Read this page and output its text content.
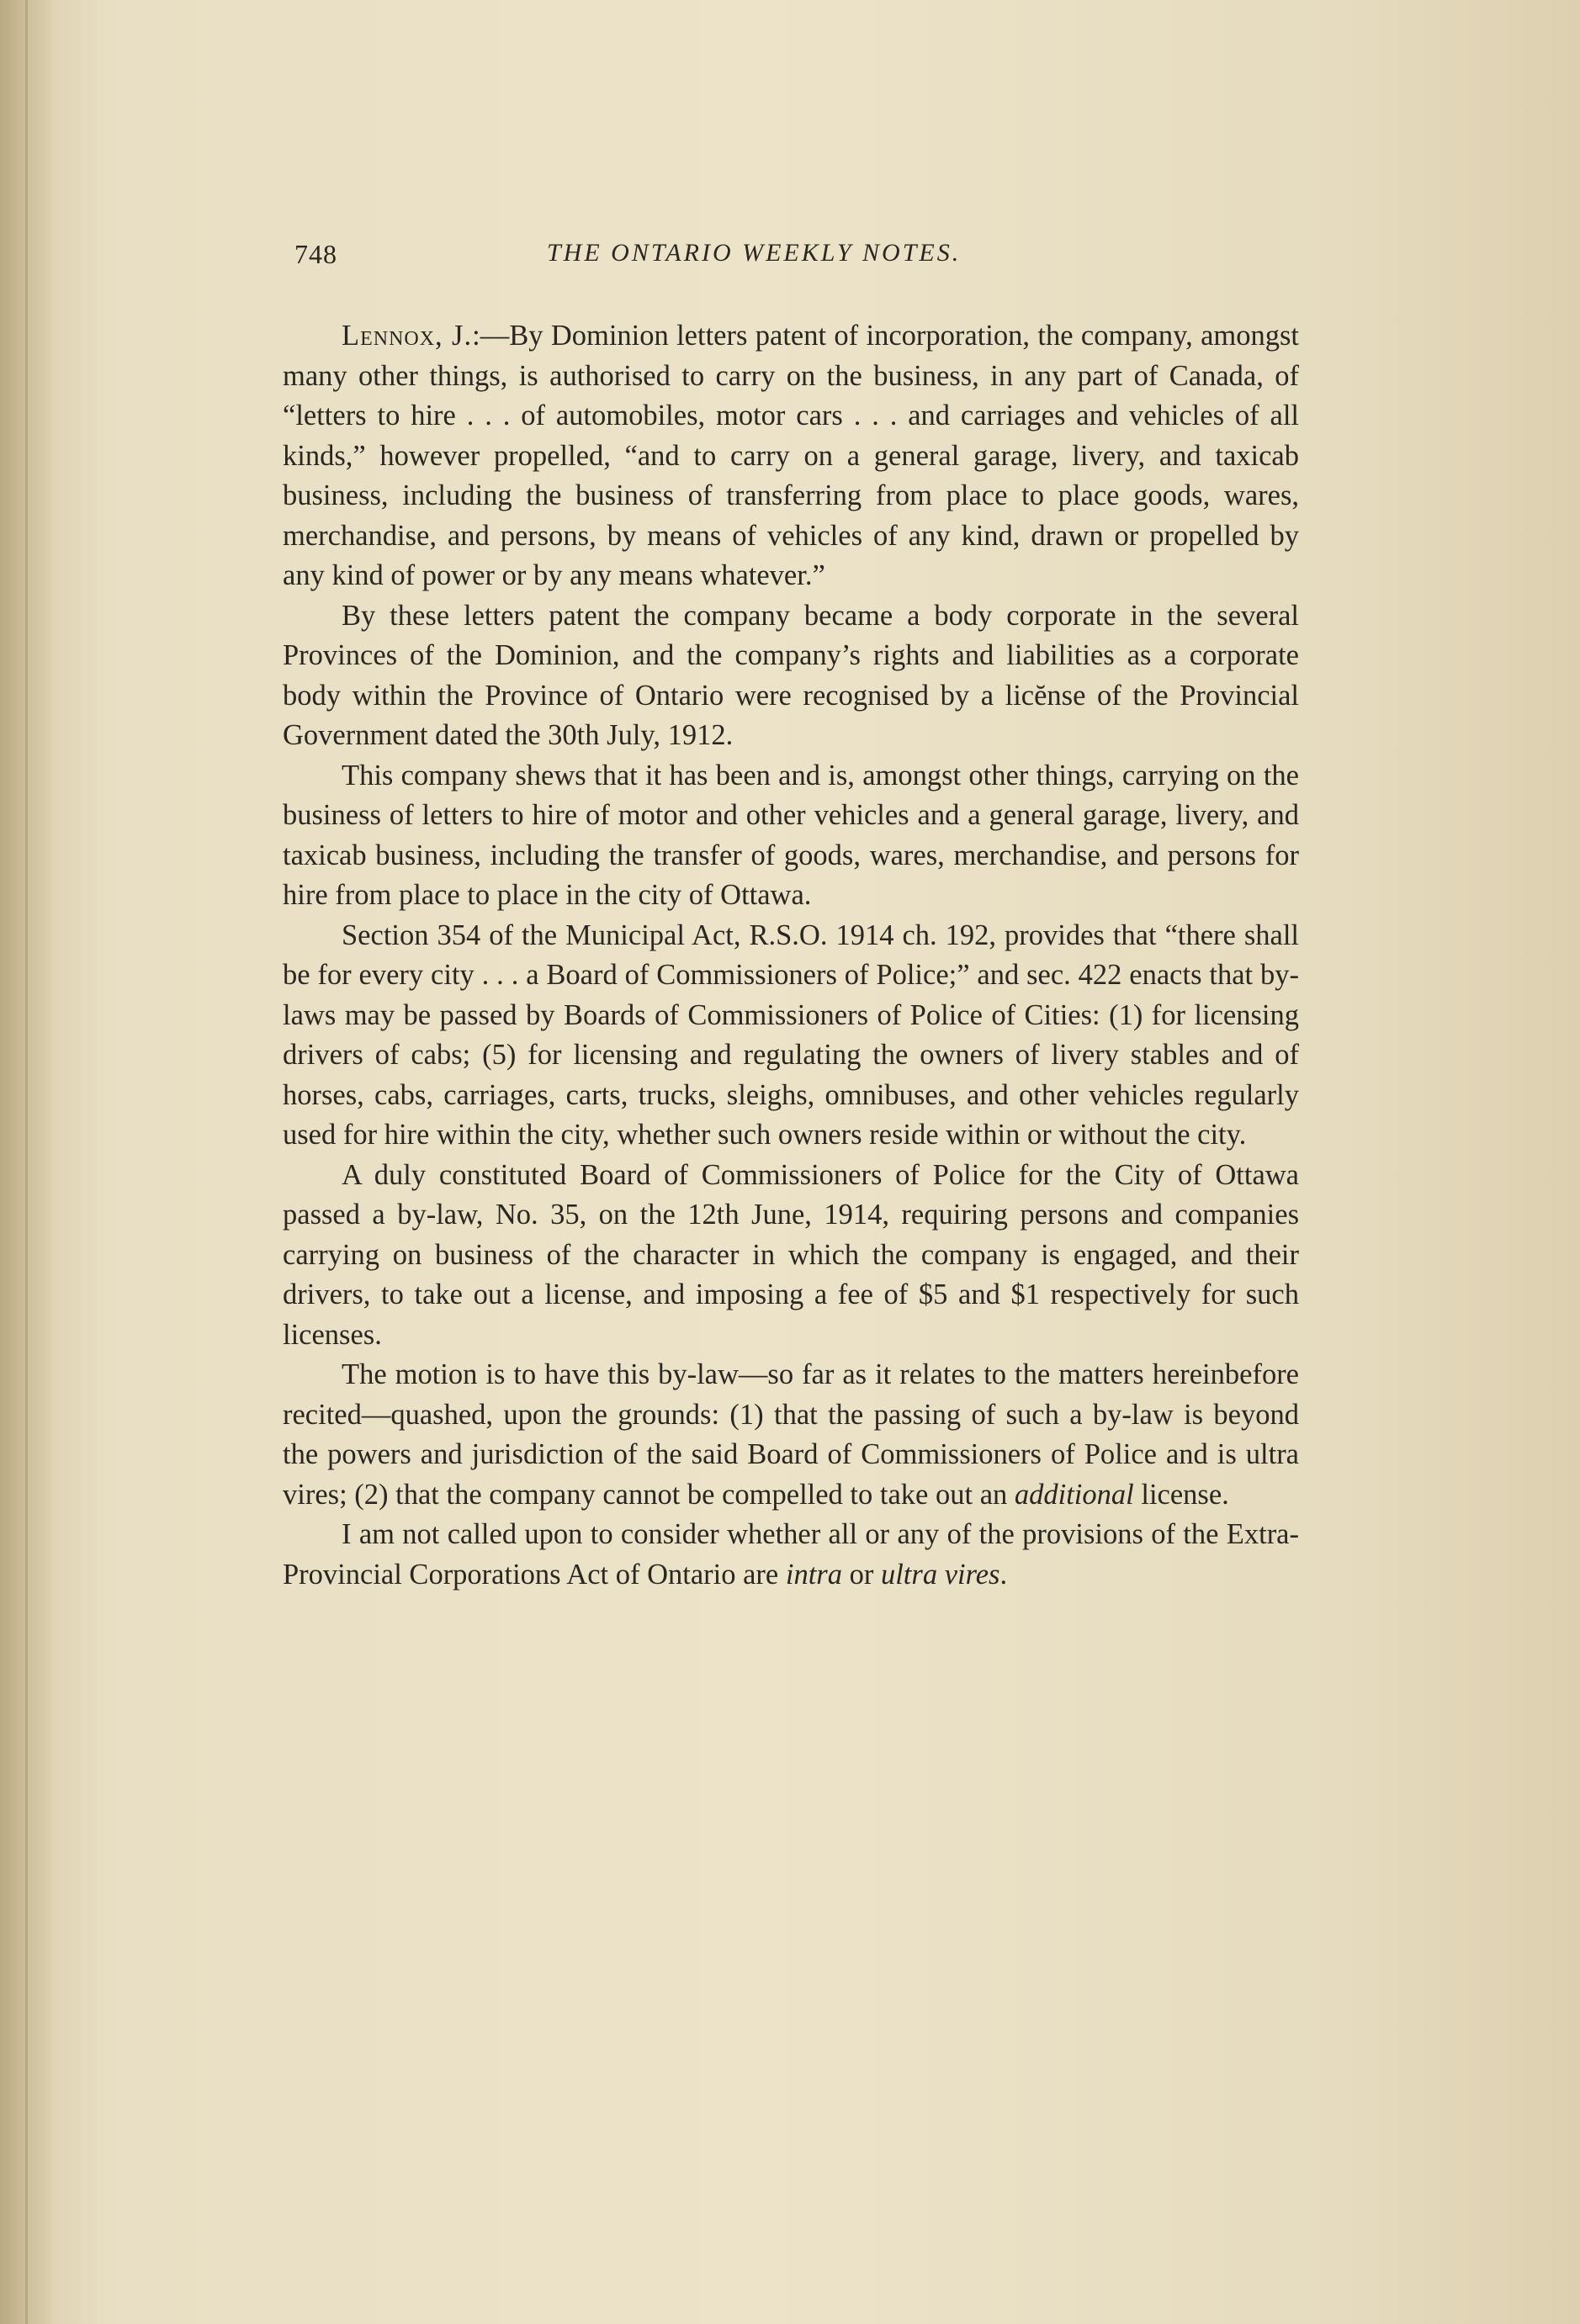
748	THE ONTARIO WEEKLY NOTES.

Lennox, J.:—By Dominion letters patent of incorporation, the company, amongst many other things, is authorised to carry on the business, in any part of Canada, of “letters to hire . . . of automobiles, motor cars . . . and carriages and vehicles of all kinds,” however propelled, “and to carry on a general garage, livery, and taxicab business, including the business of transferring from place to place goods, wares, merchandise, and persons, by means of vehicles of any kind, drawn or propelled by any kind of power or by any means whatever.”

By these letters patent the company became a body corporate in the several Provinces of the Dominion, and the company’s rights and liabilities as a corporate body within the Province of Ontario were recognised by a licĕnse of the Provincial Government dated the 30th July, 1912.

This company shews that it has been and is, amongst other things, carrying on the business of letters to hire of motor and other vehicles and a general garage, livery, and taxicab business, including the transfer of goods, wares, merchandise, and persons for hire from place to place in the city of Ottawa.

Section 354 of the Municipal Act, R.S.O. 1914 ch. 192, provides that “there shall be for every city . . . a Board of Commissioners of Police;” and sec. 422 enacts that by-laws may be passed by Boards of Commissioners of Police of Cities: (1) for licensing drivers of cabs; (5) for licensing and regulating the owners of livery stables and of horses, cabs, carriages, carts, trucks, sleighs, omnibuses, and other vehicles regularly used for hire within the city, whether such owners reside within or without the city.

A duly constituted Board of Commissioners of Police for the City of Ottawa passed a by-law, No. 35, on the 12th June, 1914, requiring persons and companies carrying on business of the character in which the company is engaged, and their drivers, to take out a license, and imposing a fee of $5 and $1 respectively for such licenses.

The motion is to have this by-law—so far as it relates to the matters hereinbefore recited—quashed, upon the grounds: (1) that the passing of such a by-law is beyond the powers and jurisdiction of the said Board of Commissioners of Police and is ultra vires; (2) that the company cannot be compelled to take out an additional license.

I am not called upon to consider whether all or any of the provisions of the Extra-Provincial Corporations Act of Ontario are intra or ultra vires.
